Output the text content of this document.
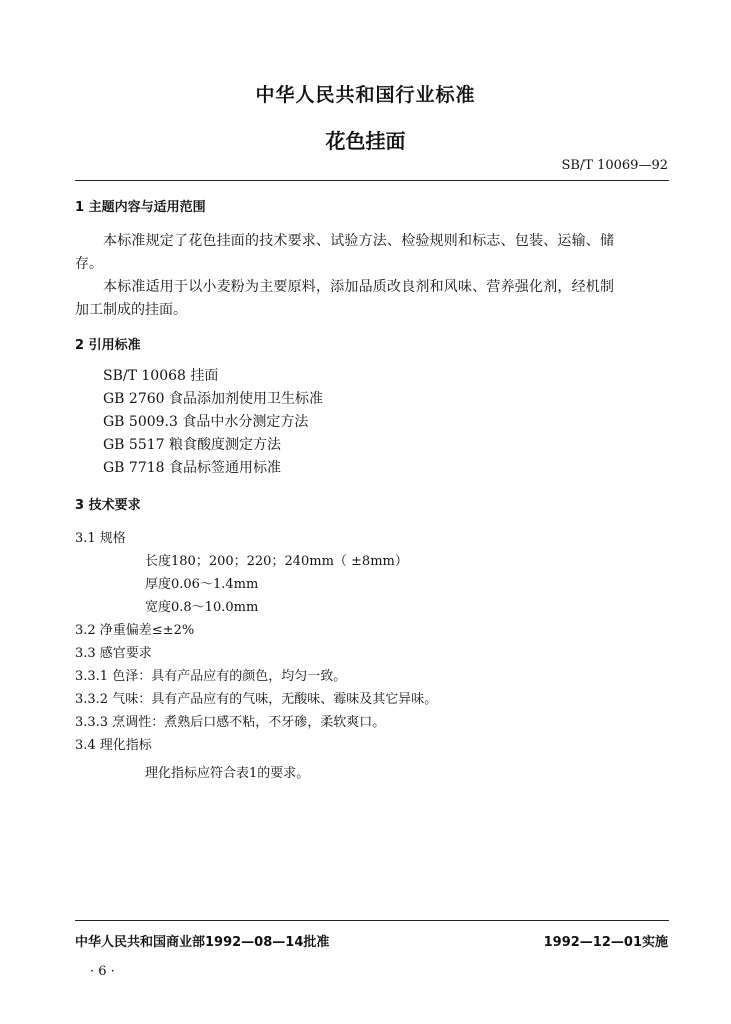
中华人民共和国行业标准
花色挂面
SB/T 10069—92
1 主题内容与适用范围
本标准规定了花色挂面的技术要求、试验方法、检验规则和标志、包装、运输、储
存。
本标准适用于以小麦粉为主要原料，添加品质改良剂和风味、营养强化剂，经机制
加工制成的挂面。
2 引用标准
SB/T 10068 挂面
GB 2760 食品添加剂使用卫生标准
GB 5009.3 食品中水分测定方法
GB 5517 粮食酸度测定方法
GB 7718 食品标签通用标准
3 技术要求
3.1 规格
长度180；200；220；240mm（ ±8mm）
厚度0.06～1.4mm
宽度0.8～10.0mm
3.2 净重偏差≤±2%
3.3 感官要求
3.3.1 色泽：具有产品应有的颜色，均匀一致。
3.3.2 气味：具有产品应有的气味，无酸味、霉味及其它异味。
3.3.3 烹调性：煮熟后口感不粘，不牙碜，柔软爽口。
3.4 理化指标
理化指标应符合表1的要求。
中华人民共和国商业部1992—08—14批准	1992—12—01实施
· 6 ·
